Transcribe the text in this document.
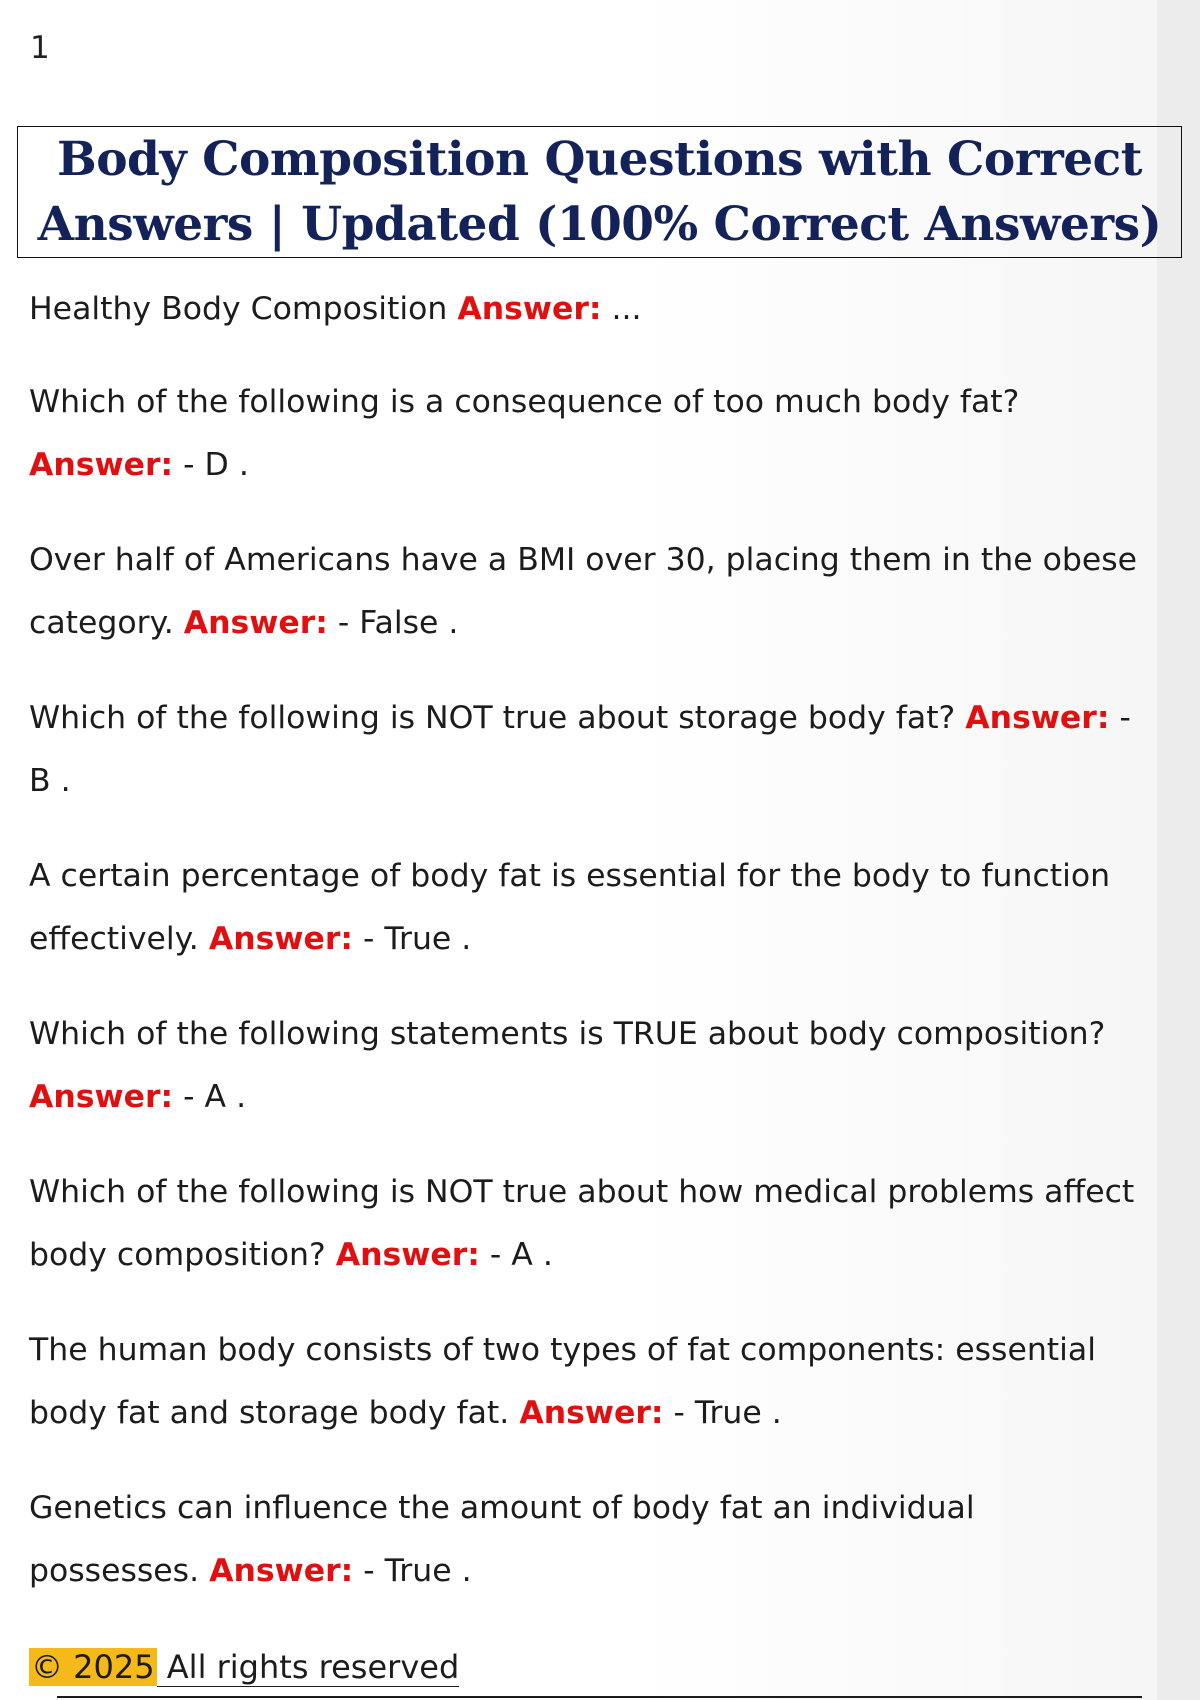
1

Body Composition Questions with Correct
Answers | Updated (100% Correct Answers)

Healthy Body Composition Answer: ...

Which of the following is a consequence of too much body fat? Answer: - D .

Over half of Americans have a BMI over 30, placing them in the obese category. Answer: - False .

Which of the following is NOT true about storage body fat? Answer: - B .

A certain percentage of body fat is essential for the body to function effectively. Answer: - True .

Which of the following statements is TRUE about body composition? Answer: - A .

Which of the following is NOT true about how medical problems affect body composition? Answer: - A .

The human body consists of two types of fat components: essential body fat and storage body fat. Answer: - True .

Genetics can influence the amount of body fat an individual possesses. Answer: - True .

© 2025 All rights reserved
